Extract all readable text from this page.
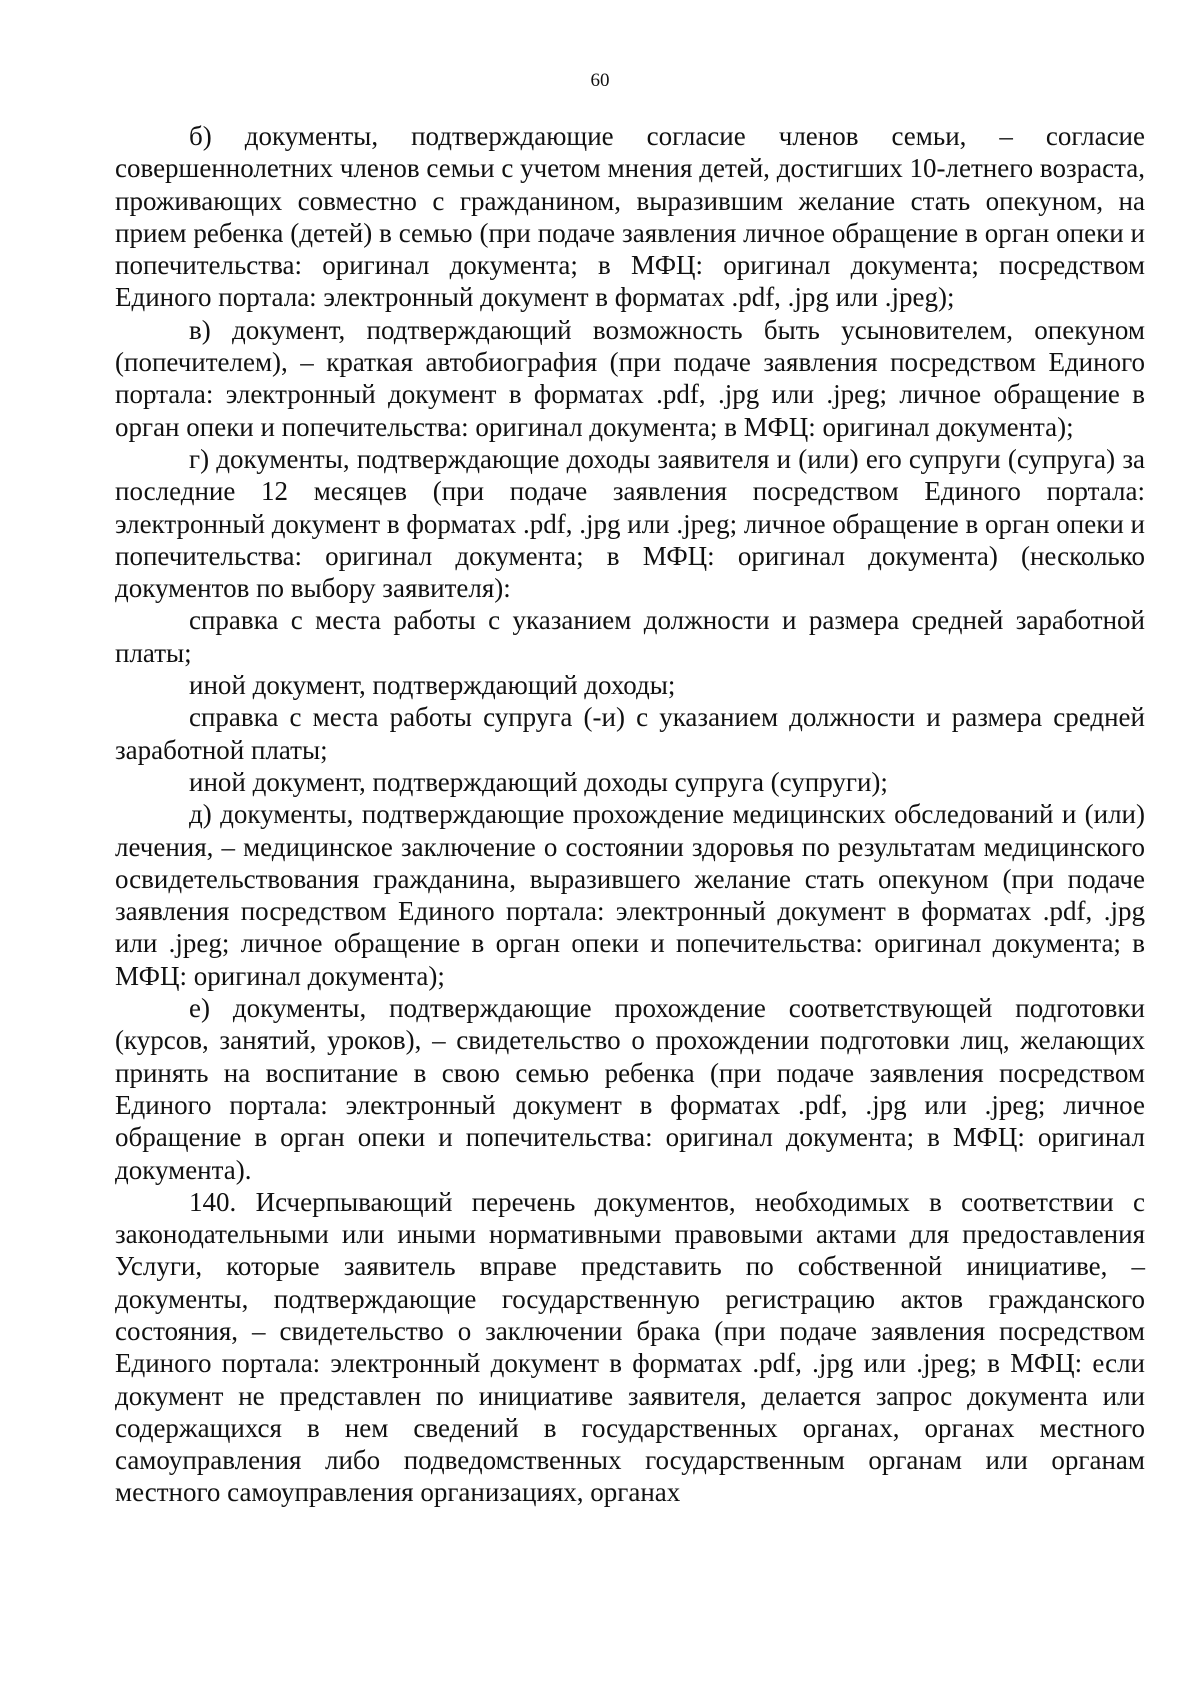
60

б) документы, подтверждающие согласие членов семьи, – согласие совершеннолетних членов семьи с учетом мнения детей, достигших 10-летнего возраста, проживающих совместно с гражданином, выразившим желание стать опекуном, на прием ребенка (детей) в семью (при подаче заявления личное обращение в орган опеки и попечительства: оригинал документа; в МФЦ: оригинал документа; посредством Единого портала: электронный документ в форматах .pdf, .jpg или .jpeg);

в) документ, подтверждающий возможность быть усыновителем, опекуном (попечителем), – краткая автобиография (при подаче заявления посредством Единого портала: электронный документ в форматах .pdf, .jpg или .jpeg; личное обращение в орган опеки и попечительства: оригинал документа; в МФЦ: оригинал документа);

г) документы, подтверждающие доходы заявителя и (или) его супруги (супруга) за последние 12 месяцев (при подаче заявления посредством Единого портала: электронный документ в форматах .pdf, .jpg или .jpeg; личное обращение в орган опеки и попечительства: оригинал документа; в МФЦ: оригинал документа) (несколько документов по выбору заявителя):

справка с места работы с указанием должности и размера средней заработной платы;

иной документ, подтверждающий доходы;

справка с места работы супруга (-и) с указанием должности и размера средней заработной платы;

иной документ, подтверждающий доходы супруга (супруги);

д) документы, подтверждающие прохождение медицинских обследований и (или) лечения, – медицинское заключение о состоянии здоровья по результатам медицинского освидетельствования гражданина, выразившего желание стать опекуном (при подаче заявления посредством Единого портала: электронный документ в форматах .pdf, .jpg или .jpeg; личное обращение в орган опеки и попечительства: оригинал документа; в МФЦ: оригинал документа);

е) документы, подтверждающие прохождение соответствующей подготовки (курсов, занятий, уроков), – свидетельство о прохождении подготовки лиц, желающих принять на воспитание в свою семью ребенка (при подаче заявления посредством Единого портала: электронный документ в форматах .pdf, .jpg или .jpeg; личное обращение в орган опеки и попечительства: оригинал документа; в МФЦ: оригинал документа).

140. Исчерпывающий перечень документов, необходимых в соответствии с законодательными или иными нормативными правовыми актами для предоставления Услуги, которые заявитель вправе представить по собственной инициативе, – документы, подтверждающие государственную регистрацию актов гражданского состояния, – свидетельство о заключении брака (при подаче заявления посредством Единого портала: электронный документ в форматах .pdf, .jpg или .jpeg; в МФЦ: если документ не представлен по инициативе заявителя, делается запрос документа или содержащихся в нем сведений в государственных органах, органах местного самоуправления либо подведомственных государственным органам или органам местного самоуправления организациях, органах
